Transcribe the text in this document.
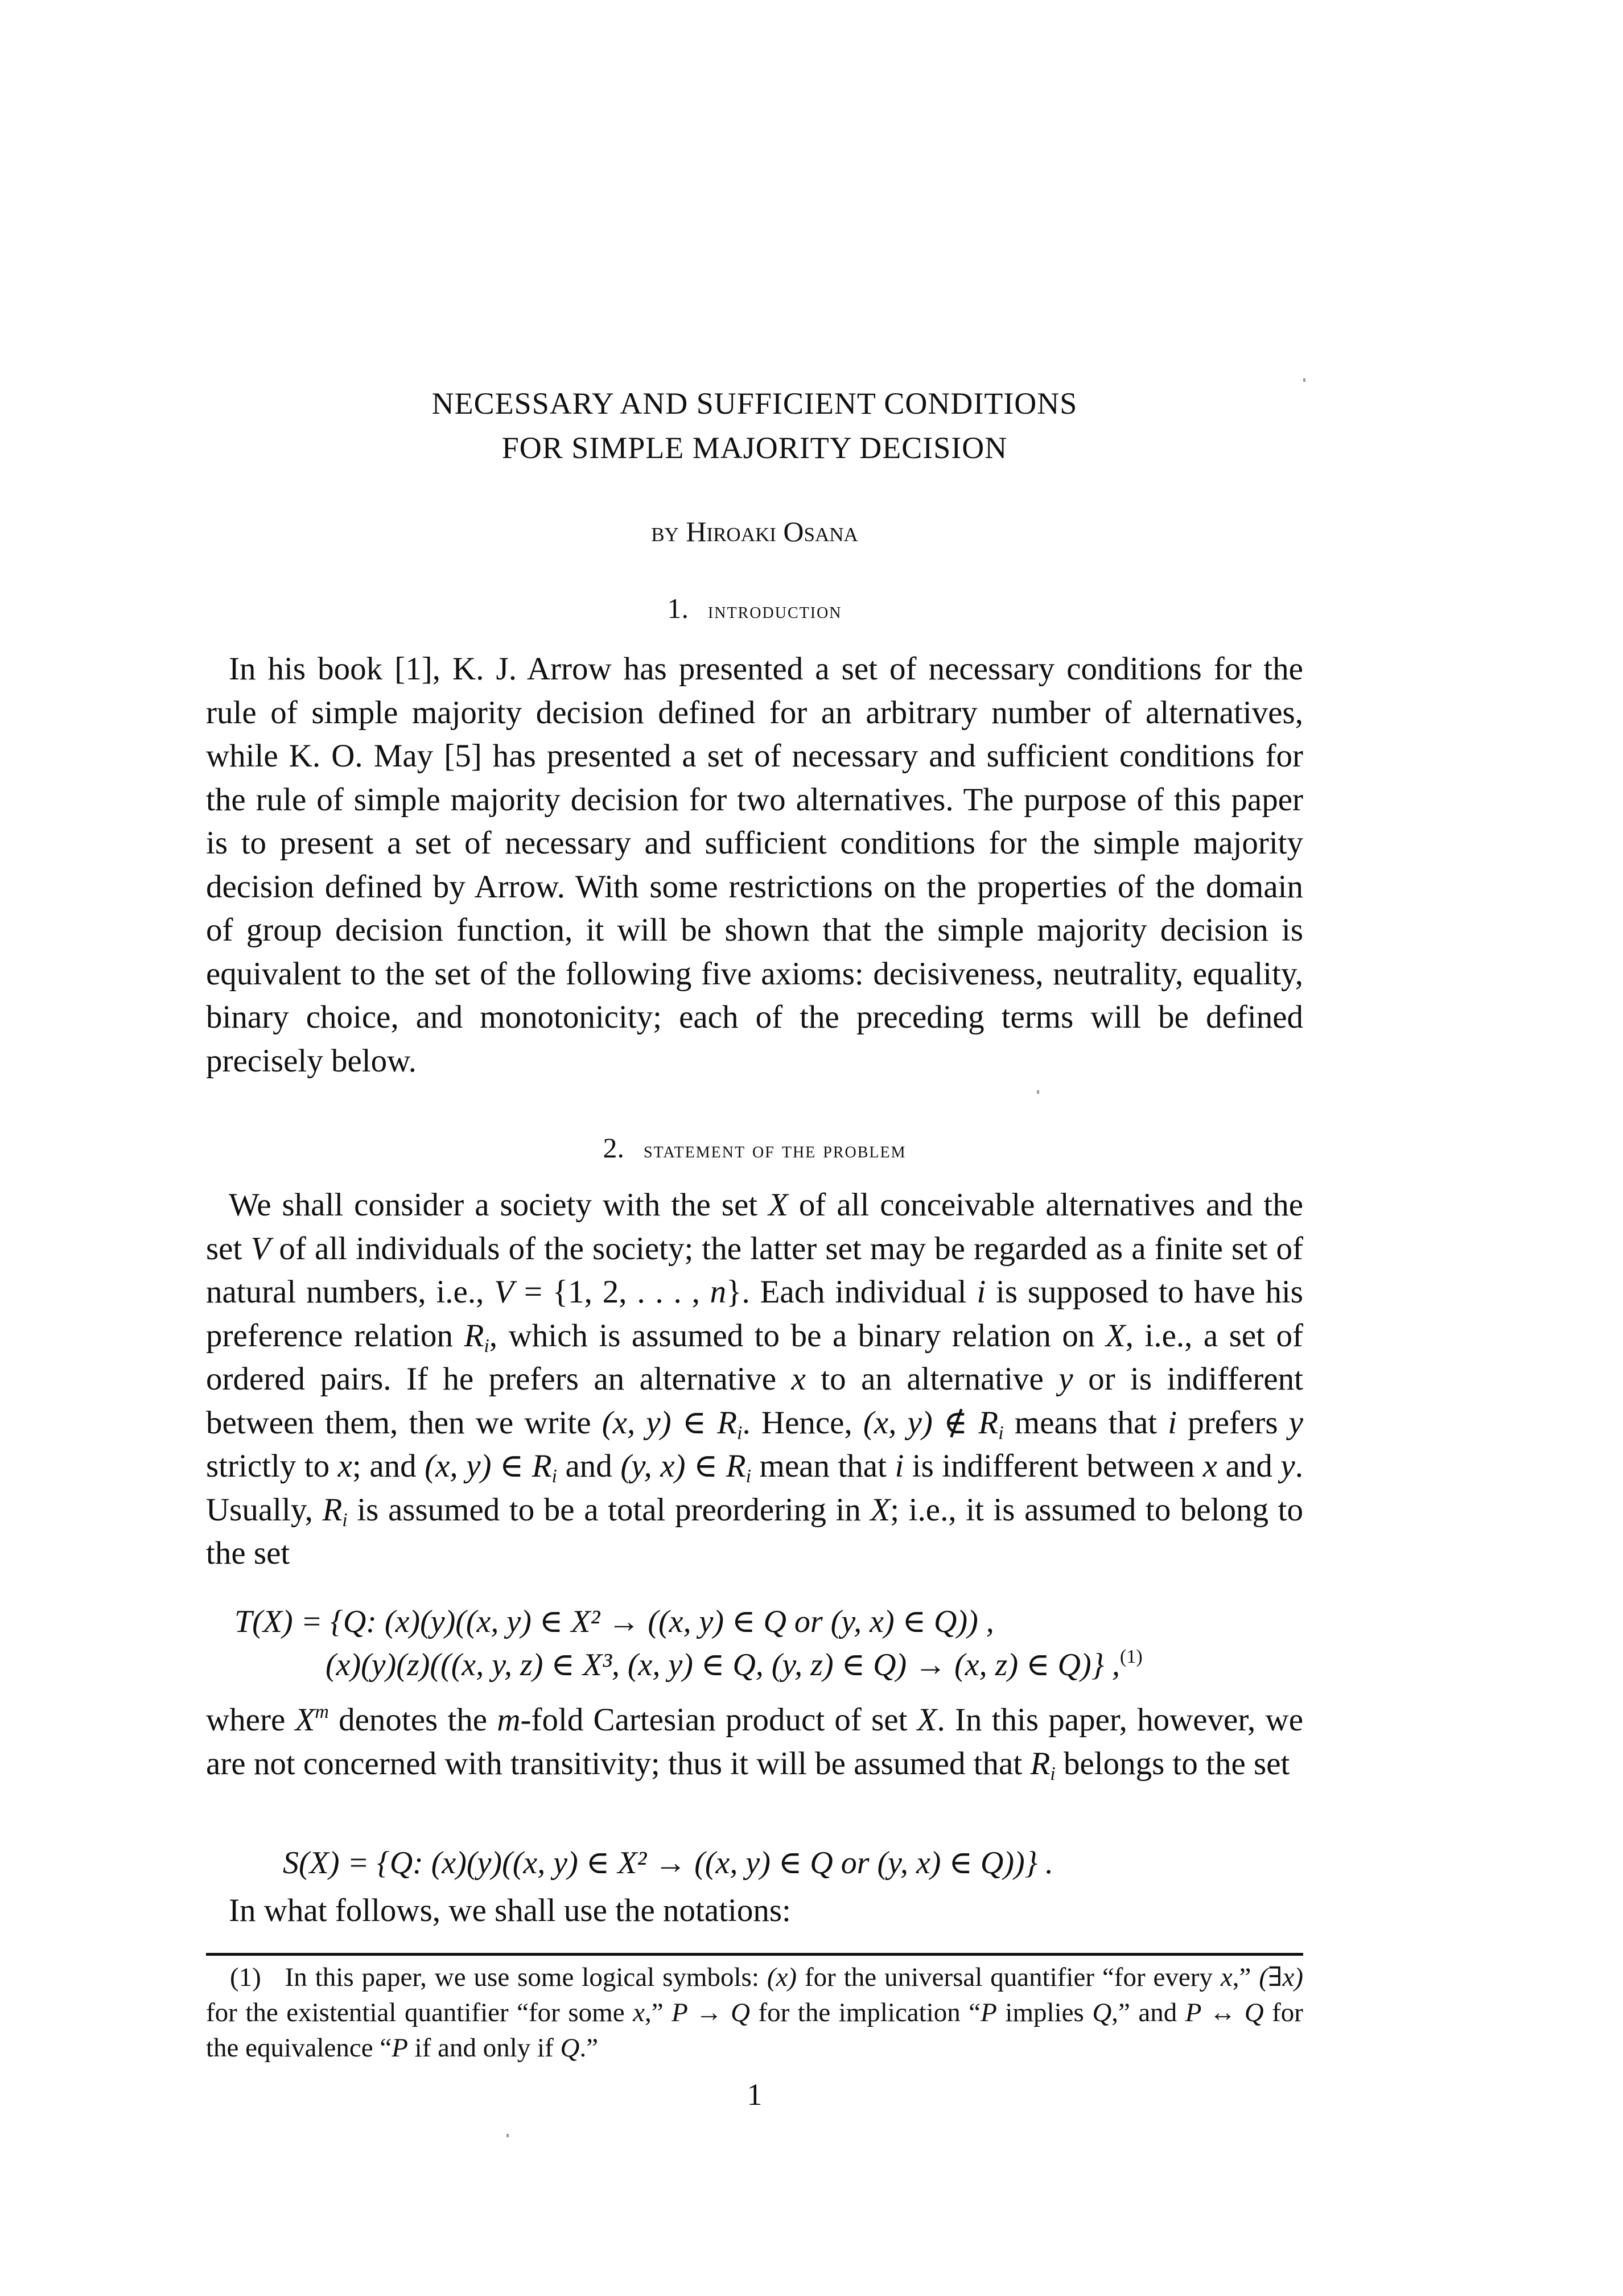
NECESSARY AND SUFFICIENT CONDITIONS
FOR SIMPLE MAJORITY DECISION
by Hiroaki Osana
1. introduction

In his book [1], K. J. Arrow has presented a set of necessary conditions for the rule of simple majority decision defined for an arbitrary number of alternatives, while K. O. May [5] has presented a set of necessary and sufficient conditions for the rule of simple majority decision for two alternatives. The purpose of this paper is to present a set of necessary and sufficient conditions for the simple majority decision defined by Arrow. With some restrictions on the properties of the domain of group decision function, it will be shown that the simple majority decision is equivalent to the set of the following five axioms: decisiveness, neutrality, equality, binary choice, and monotonicity; each of the preceding terms will be defined precisely below.

2. statement of the problem

We shall consider a society with the set X of all conceivable alternatives and the set V of all individuals of the society; the latter set may be regarded as a finite set of natural numbers, i.e., V = {1, 2, . . . , n}. Each individual i is supposed to have his preference relation $R_i$, which is assumed to be a binary relation on X, i.e., a set of ordered pairs. If he prefers an alternative x to an alternative y or is indifferent between them, then we write (x, y) ∈ $R_i$. Hence, (x, y) ∉ $R_i$ means that i prefers y strictly to x; and (x, y) ∈ $R_i$ and (y, x) ∈ $R_i$ mean that i is indifferent between x and y. Usually, $R_i$ is assumed to be a total preordering in X; i.e., it is assumed to belong to the set

T(X) = {Q: (x)(y)((x, y) ∈ X² → ((x, y) ∈ Q or (y, x) ∈ Q)) ,
(x)(y)(z)(((x, y, z) ∈ X³, (x, y) ∈ Q, (y, z) ∈ Q) → (x, z) ∈ Q)} ,$^{(1)}$

where $X^m$ denotes the m-fold Cartesian product of set X. In this paper, however, we are not concerned with transitivity; thus it will be assumed that $R_i$ belongs to the set

S(X) = {Q: (x)(y)((x, y) ∈ X² → ((x, y) ∈ Q or (y, x) ∈ Q))} .

In what follows, we shall use the notations:

(1) In this paper, we use some logical symbols: (x) for the universal quantifier “for every x,” (∃x) for the existential quantifier “for some x,” P → Q for the implication “P implies Q,” and P ↔ Q for the equivalence “P if and only if Q.”

1
